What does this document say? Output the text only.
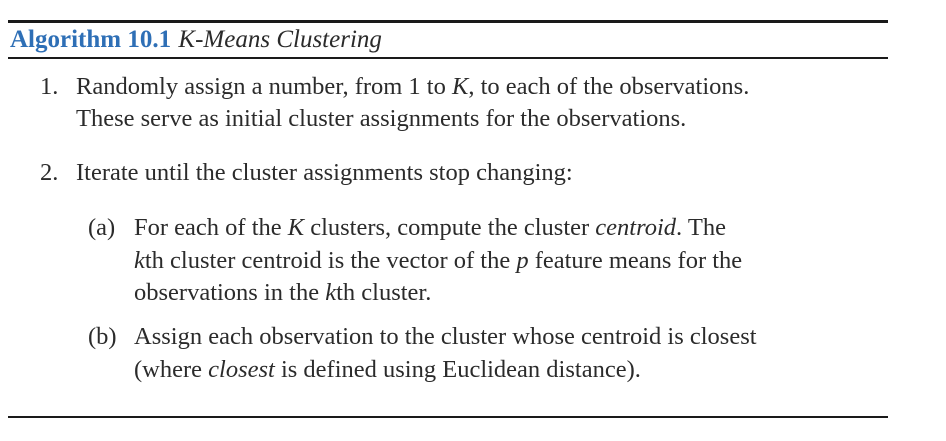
Algorithm 10.1 K-Means Clustering
1. Randomly assign a number, from 1 to K, to each of the observations.
These serve as initial cluster assignments for the observations.
2. Iterate until the cluster assignments stop changing:
(a) For each of the K clusters, compute the cluster centroid. The
kth cluster centroid is the vector of the p feature means for the
observations in the kth cluster.
(b) Assign each observation to the cluster whose centroid is closest
(where closest is defined using Euclidean distance).
